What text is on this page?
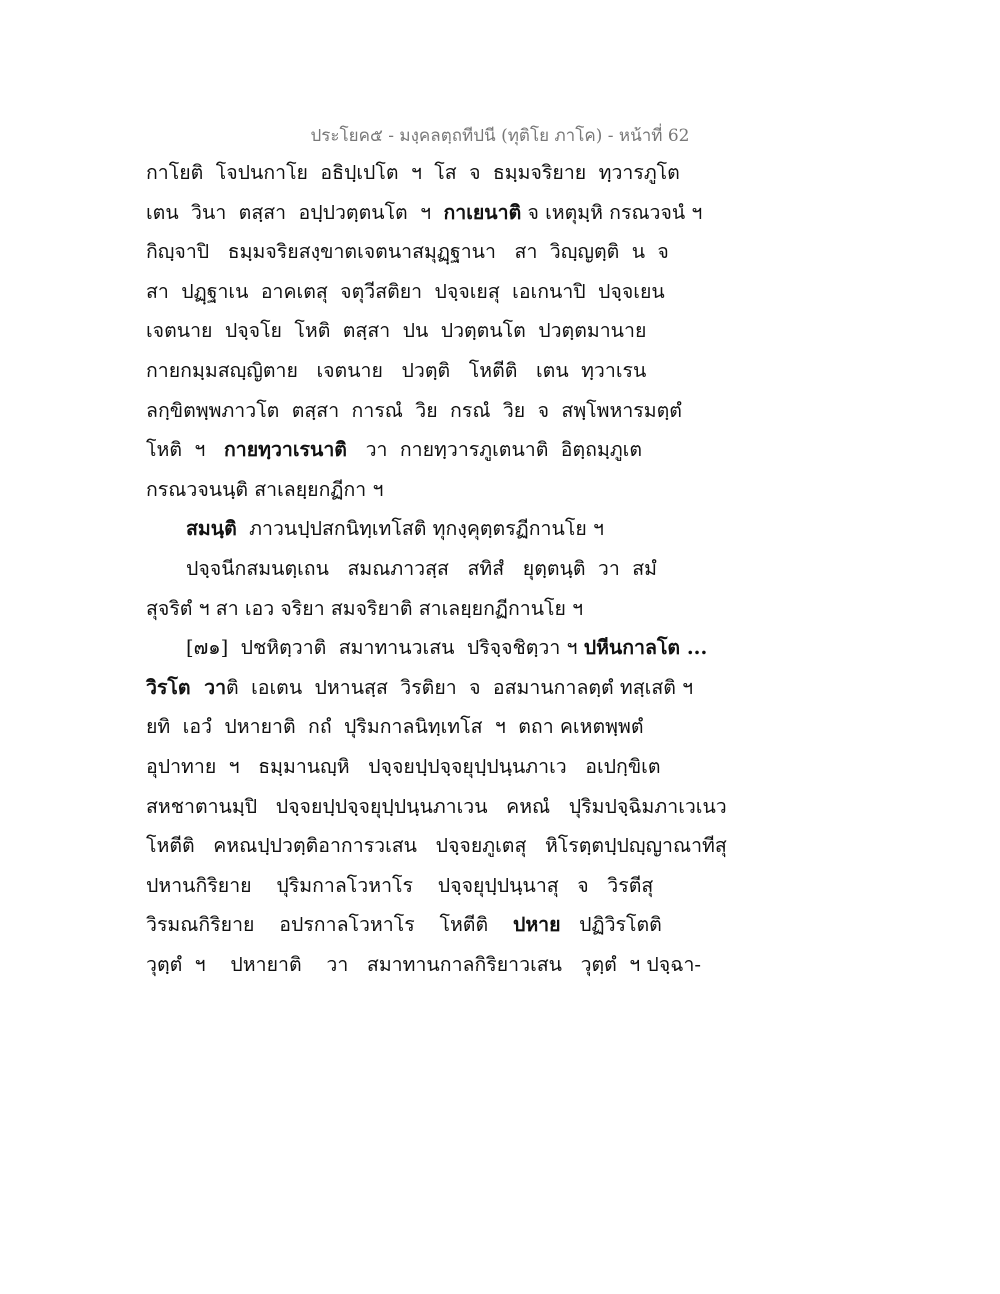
ประโยค๕ - มงฺคลตฺถทีปนี (ทุติโย ภาโค) - หน้าที่ 62
กาโยติ  โจปนกาโย  อธิปฺเปโต  ฯ  โส  จ  ธมฺมจริยาย  ทฺวารภูโต
เตน  วินา  ตสฺสา  อปฺปวตฺตนโต  ฯ  กาเยนาติ จ เหตุมฺหิ กรณวจนํ ฯ
กิญฺจาปิ   ธมฺมจริยสงฺขาตเจตนาสมุฏฺฐานา   สา  วิญฺญตฺติ  น  จ
สา  ปฏฺฐาเน  อาคเตสุ  จตุวีสติยา  ปจฺจเยสุ  เอเกนาปิ  ปจฺจเยน
เจตนาย  ปจฺจโย  โหติ  ตสฺสา  ปน  ปวตฺตนโต  ปวตฺตมานาย
กายกมฺมสญฺญิตาย   เจตนาย   ปวตฺติ   โหตีติ   เตน  ทฺวาเรน
ลกฺขิตพฺพภาวโต  ตสฺสา  การณํ  วิย  กรณํ  วิย  จ  สพฺโพหารมตฺตํ
โหติ  ฯ   กายทฺวาเรนาติ   วา  กายทฺวารภูเตนาติ  อิตฺถมฺภูเต
กรณวจนนฺติ สาเลยฺยกฏีกา ฯ
สมนฺติ  ภาวนปฺปสกนิทฺเทโสติ ทุกงฺคุตฺตรฏีกานโย ฯ
ปจฺจนีกสมนตฺเถน   สมณภาวสฺส   สทิสํ   ยุตฺตนฺติ  วา  สมํ
สุจริตํ ฯ สา เอว จริยา สมจริยาติ สาเลยฺยกฏีกานโย ฯ
[๗๑]  ปชหิตฺวาติ  สมาทานวเสน  ปริจฺจชิตฺวา ฯ ปหีนกาลโต ...
วิรโต  วาติ  เอเตน  ปหานสฺส  วิรติยา  จ  อสมานกาลตฺตํ ทสฺเสติ ฯ
ยทิ  เอวํ  ปหายาติ  กถํ  ปุริมกาลนิทฺเทโส  ฯ  ตถา คเหตพฺพตํ
อุปาทาย  ฯ   ธมฺมานญฺหิ   ปจฺจยปฺปจฺจยุปฺปนฺนภาเว   อเปกฺขิเต
สหชาตานมฺปิ   ปจฺจยปฺปจฺจยุปฺปนฺนภาเวน   คหณํ   ปุริมปจฺฉิมภาเวเนว
โหตีติ   คหณปฺปวตฺติอาการวเสน   ปจฺจยภูเตสุ   หิโรตฺตปฺปญฺญาณาทีสุ
ปหานกิริยาย    ปุริมกาลโวหาโร    ปจฺจยุปฺปนฺนาสุ   จ   วิรตีสุ
วิรมณกิริยาย    อปรกาลโวหาโร    โหตีติ    ปหาย   ปฏิวิรโตติ
วุตฺตํ  ฯ    ปหายาติ    วา   สมาทานกาลกิริยาวเสน   วุตฺตํ  ฯ ปจฺฉา-
